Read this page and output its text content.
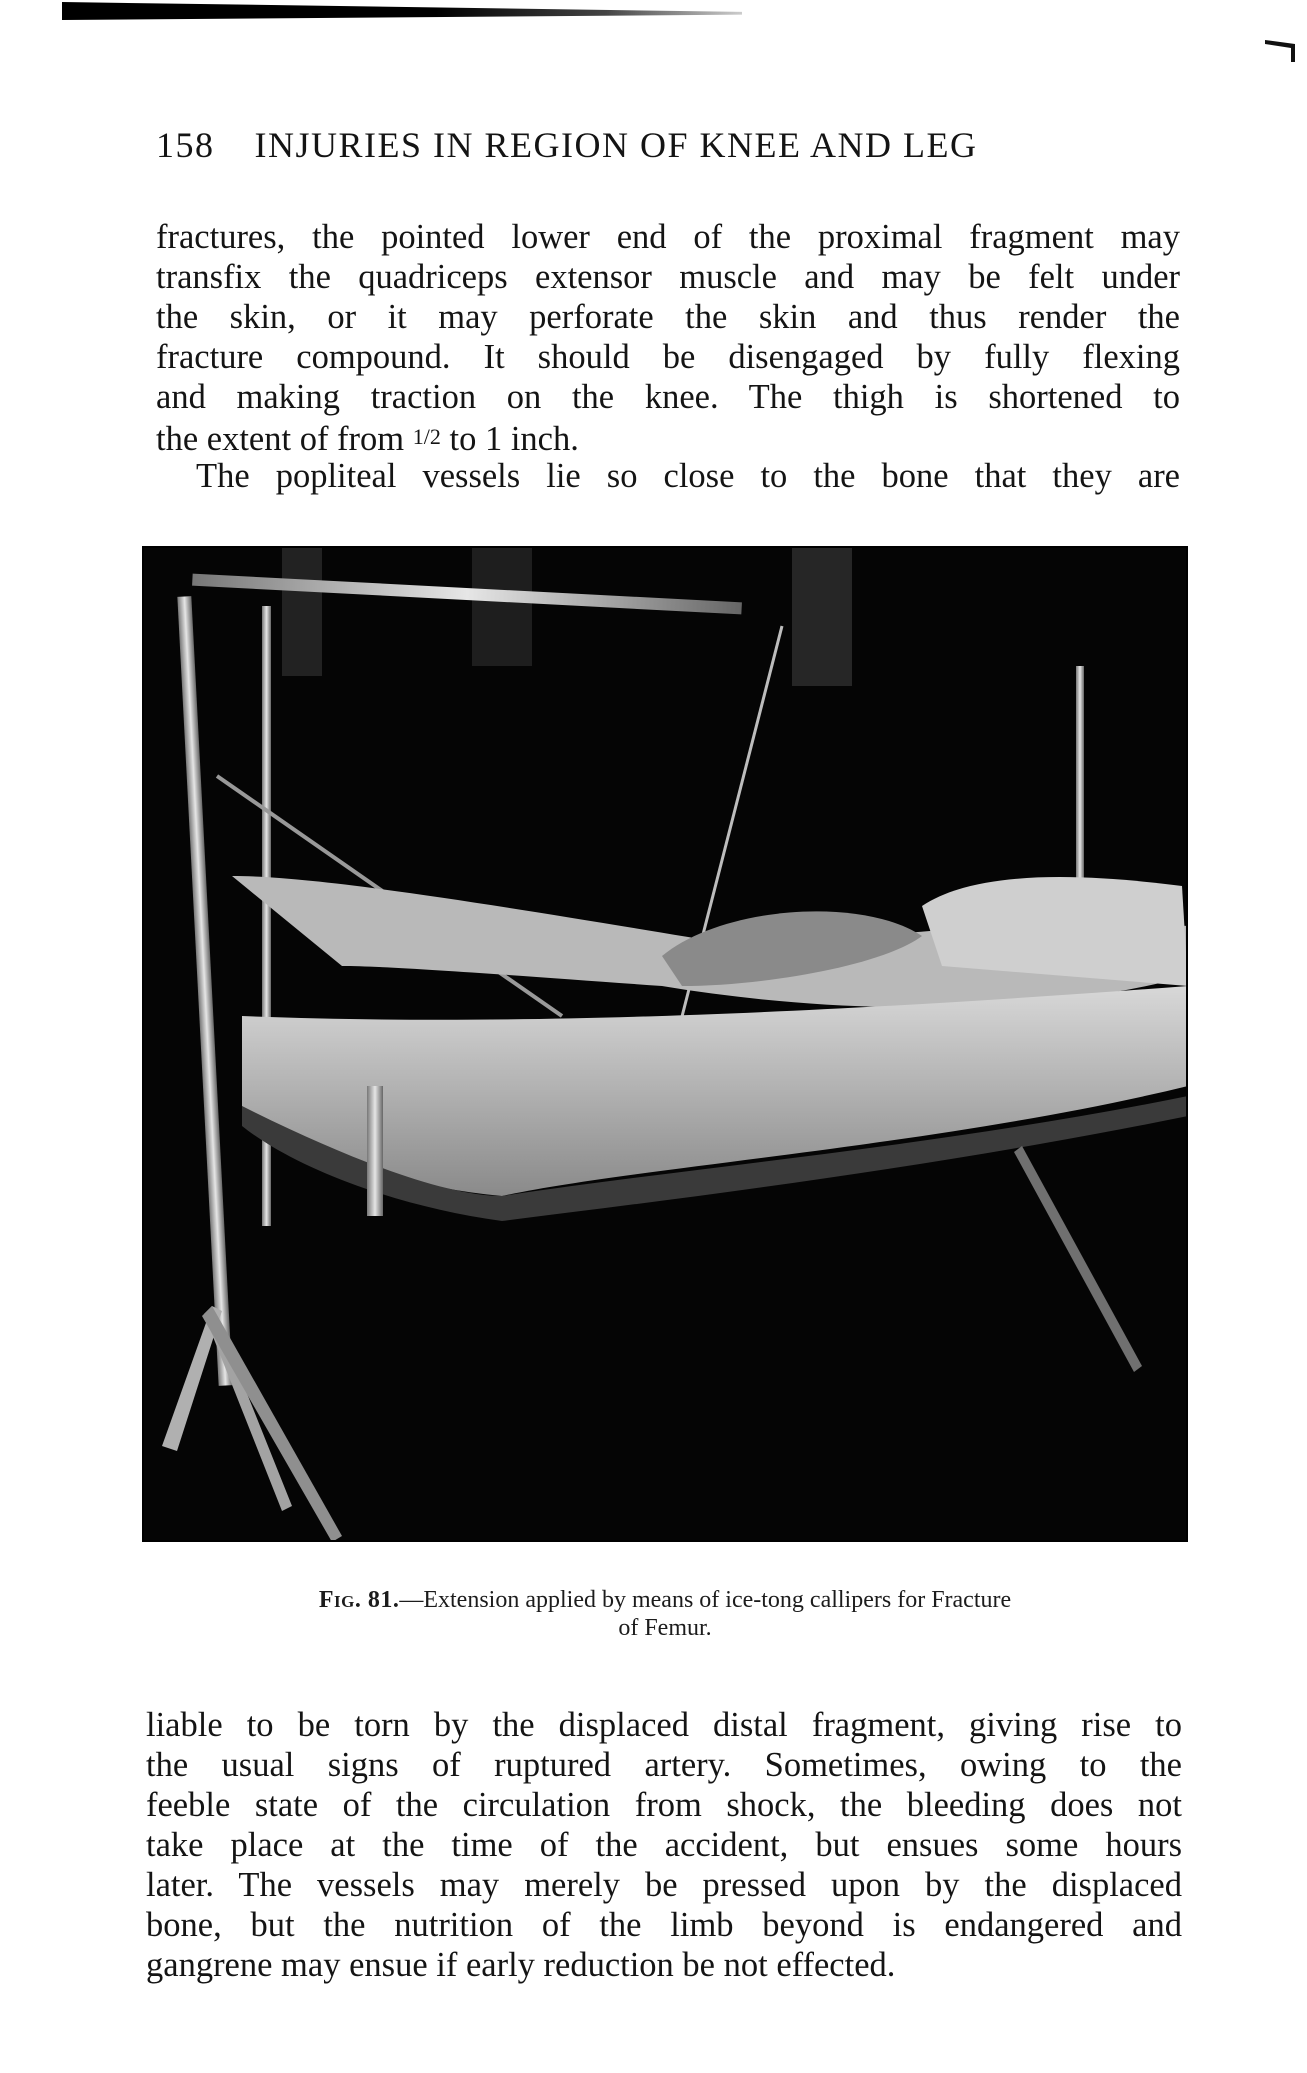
158 INJURIES IN REGION OF KNEE AND LEG
fractures, the pointed lower end of the proximal fragment may
transfix the quadriceps extensor muscle and may be felt under
the skin, or it may perforate the skin and thus render the
fracture compound. It should be disengaged by fully flexing
and making traction on the knee. The thigh is shortened to
the extent of from 1/2 to 1 inch.
The popliteal vessels lie so close to the bone that they are
Fig. 81.—Extension applied by means of ice-tong callipers for Fracture
of Femur.
liable to be torn by the displaced distal fragment, giving rise to
the usual signs of ruptured artery. Sometimes, owing to the
feeble state of the circulation from shock, the bleeding does not
take place at the time of the accident, but ensues some hours
later. The vessels may merely be pressed upon by the displaced
bone, but the nutrition of the limb beyond is endangered and
gangrene may ensue if early reduction be not effected.
